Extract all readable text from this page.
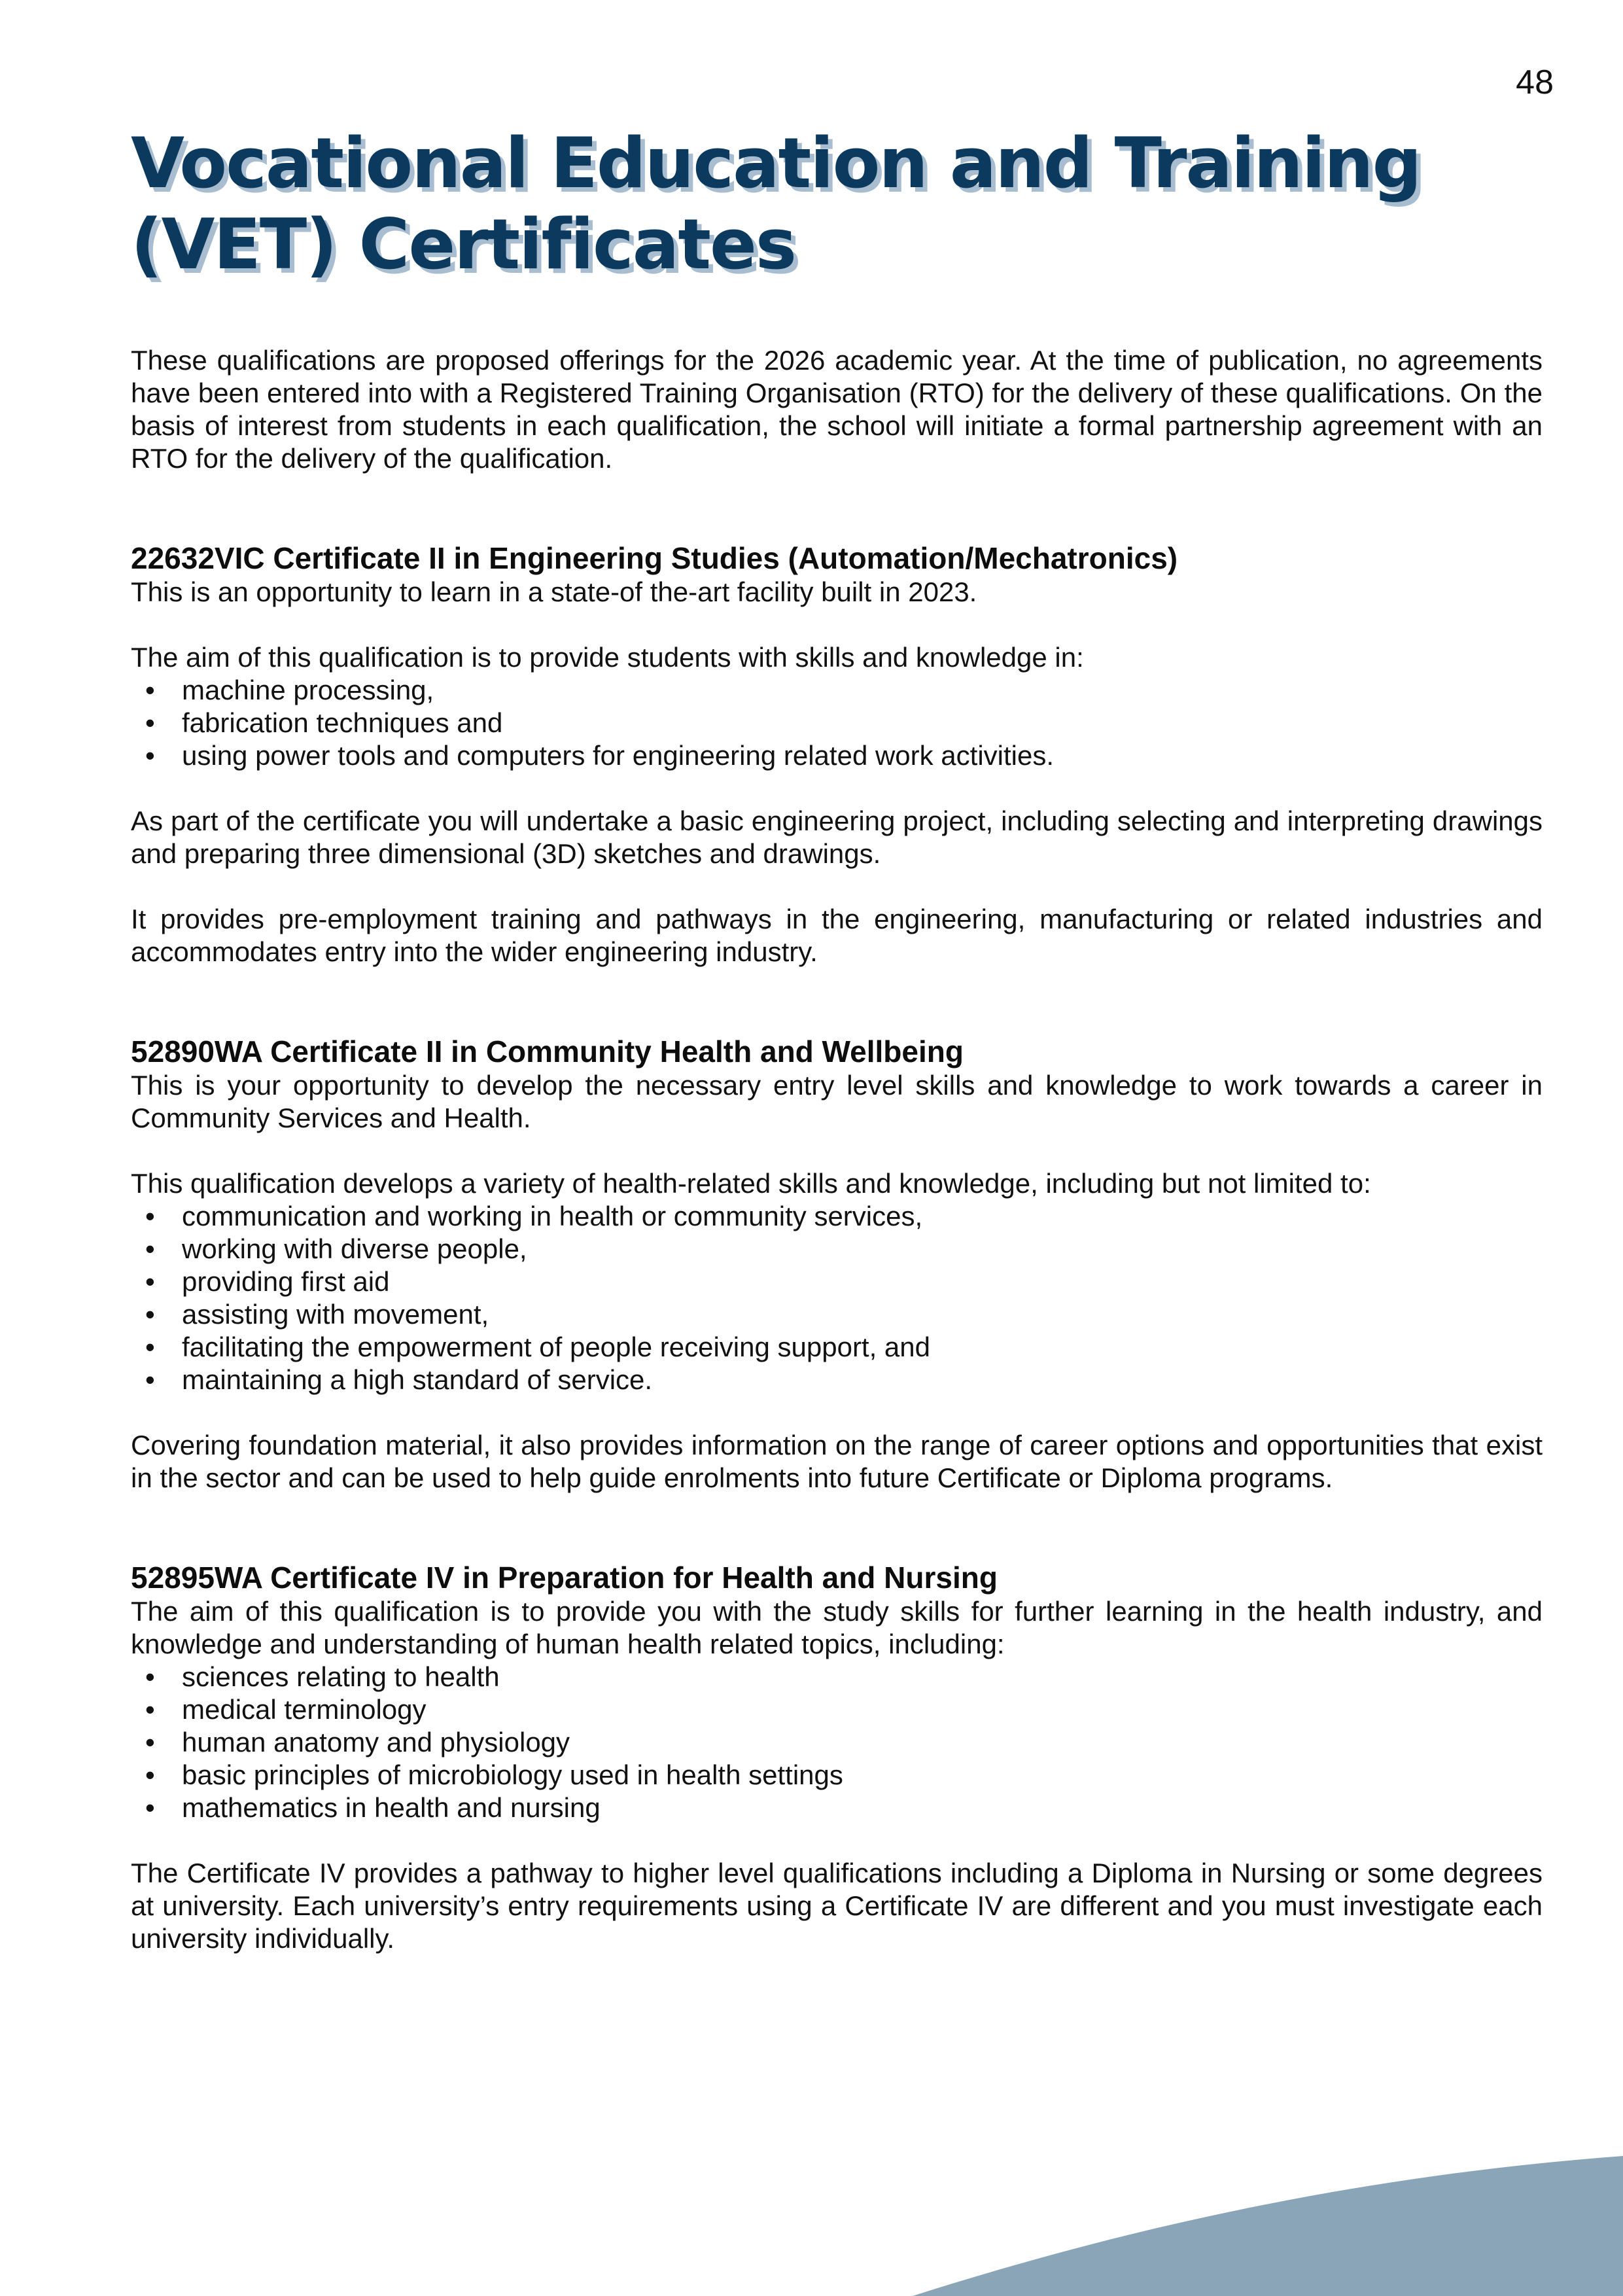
48
Vocational Education and Training (VET) Certificates

These qualifications are proposed offerings for the 2026 academic year. At the time of publication, no agreements have been entered into with a Registered Training Organisation (RTO) for the delivery of these qualifications. On the basis of interest from students in each qualification, the school will initiate a formal partnership agreement with an RTO for the delivery of the qualification.

22632VIC Certificate II in Engineering Studies (Automation/Mechatronics)

This is an opportunity to learn in a state-of the-art facility built in 2023.

The aim of this qualification is to provide students with skills and knowledge in:

• machine processing,
• fabrication techniques and
• using power tools and computers for engineering related work activities.

As part of the certificate you will undertake a basic engineering project, including selecting and interpreting drawings and preparing three dimensional (3D) sketches and drawings.

It provides pre-employment training and pathways in the engineering, manufacturing or related industries and accommodates entry into the wider engineering industry.

52890WA Certificate II in Community Health and Wellbeing

This is your opportunity to develop the necessary entry level skills and knowledge to work towards a career in Community Services and Health.

This qualification develops a variety of health-related skills and knowledge, including but not limited to:

• communication and working in health or community services,
• working with diverse people,
• providing first aid
• assisting with movement,
• facilitating the empowerment of people receiving support, and
• maintaining a high standard of service.

Covering foundation material, it also provides information on the range of career options and opportunities that exist in the sector and can be used to help guide enrolments into future Certificate or Diploma programs.

52895WA Certificate IV in Preparation for Health and Nursing

The aim of this qualification is to provide you with the study skills for further learning in the health industry, and knowledge and understanding of human health related topics, including:

• sciences relating to health
• medical terminology
• human anatomy and physiology
• basic principles of microbiology used in health settings
• mathematics in health and nursing

The Certificate IV provides a pathway to higher level qualifications including a Diploma in Nursing or some degrees at university. Each university’s entry requirements using a Certificate IV are different and you must investigate each university individually.
